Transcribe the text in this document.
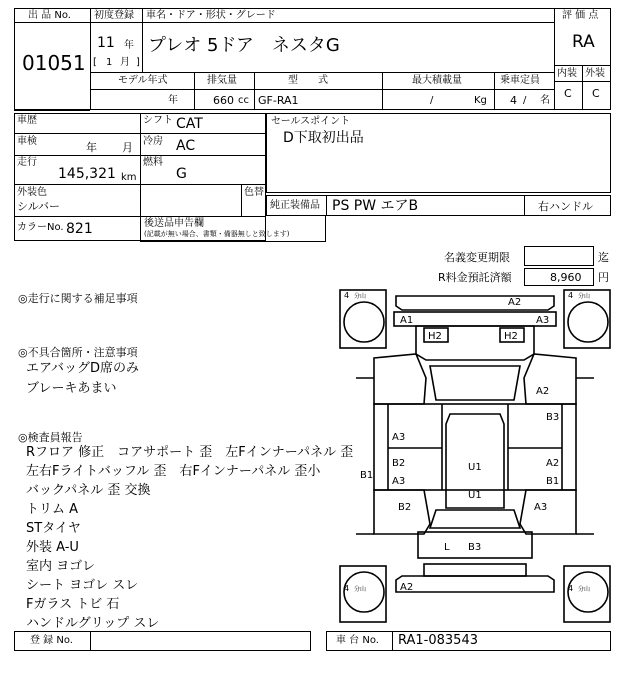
出 品 No.
01051
初度登録
11 年
[ 1 月 ]
車名・ドア・形状・グレード
プレオ 5ドア　ネスタG
評 価 点
RA
内装 外装
C C
モデル年式	排気量	型　　式	最大積載量	乗車定員
年	660 cc GF-RA1	/	Kg 4 / 名
車歴
車検	年 月
走行
145,321 km
シフト CAT
冷房 AC
燃料
G
外装色
シルバー
色替
カラーNo. 821	後送品申告欄
(記載が無い場合、書類・備器無しと致します)
セールスポイント
D下取初出品
純正装備品 PS PW エアB	右ハンドル
名義変更期限	迄
R料金預託済額	8,960 円
◎走行に関する補足事項
◎不具合箇所・注意事項
エアバッグD席のみ
ブレーキあまい
◎検査員報告
Rフロア 修正　コアサポート 歪　左Fインナーパネル 歪
左右Fライトバッフル 歪　右Fインナーパネル 歪小
バックパネル 歪 交換
トリム A
STタイヤ
外装 A-U
室内 ヨゴレ
シート ヨゴレ スレ
Fガラス トビ 石
ハンドルグリップ スレ
4 分山	4 分山
4 分山	4 分山
A2
A1	A3
H2	H2
A2
B3
A3
B2
A3
B1
U1
U1
A2
B1
B2	A3
L B3
A2
登 録 No.	車 台 No. RA1-083543
